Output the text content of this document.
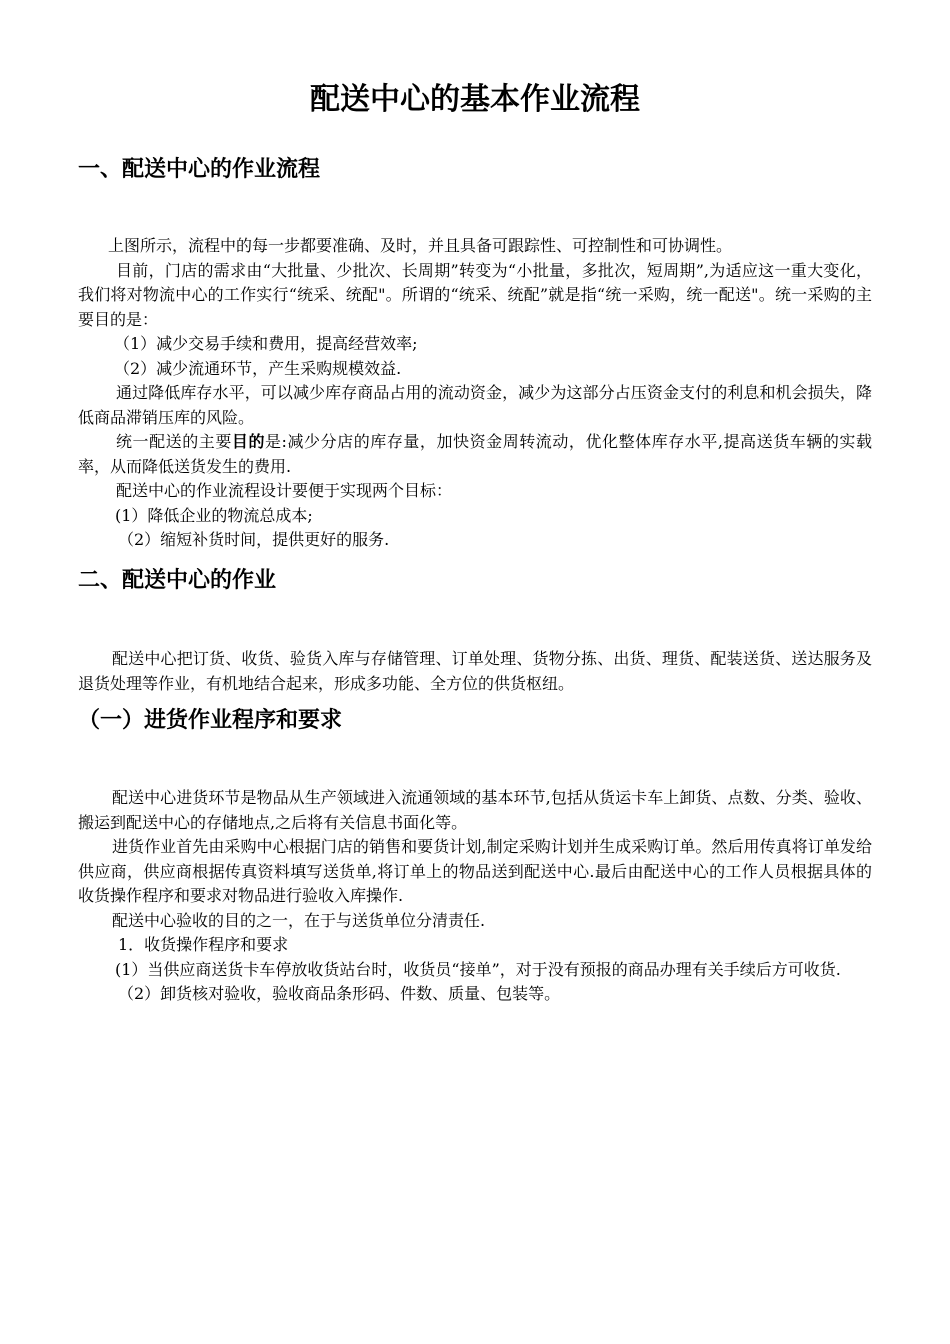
配送中心的基本作业流程
一、配送中心的作业流程

上图所示，流程中的每一步都要准确、及时，并且具备可跟踪性、可控制性和可协调性。

目前，门店的需求由“大批量、少批次、长周期”转变为“小批量，多批次，短周期”,为适应这一重大变化，我们将对物流中心的工作实行“统采、统配"。所谓的“统采、统配”就是指“统一采购，统一配送"。统一采购的主要目的是：

（1）减少交易手续和费用，提高经营效率;

（2）减少流通环节，产生采购规模效益.

通过降低库存水平，可以减少库存商品占用的流动资金，减少为这部分占压资金支付的利息和机会损失，降低商品滞销压库的风险。

统一配送的主要目的是:减少分店的库存量，加快资金周转流动，优化整体库存水平,提高送货车辆的实载率，从而降低送货发生的费用.

配送中心的作业流程设计要便于实现两个目标：

(1）降低企业的物流总成本;

（2）缩短补货时间，提供更好的服务.

二、配送中心的作业

配送中心把订货、收货、验货入库与存储管理、订单处理、货物分拣、出货、理货、配装送货、送达服务及退货处理等作业，有机地结合起来，形成多功能、全方位的供货枢纽。

（一）进货作业程序和要求

配送中心进货环节是物品从生产领域进入流通领域的基本环节,包括从货运卡车上卸货、点数、分类、验收、搬运到配送中心的存储地点,之后将有关信息书面化等。

进货作业首先由采购中心根据门店的销售和要货计划,制定采购计划并生成采购订单。然后用传真将订单发给供应商，供应商根据传真资料填写送货单,将订单上的物品送到配送中心.最后由配送中心的工作人员根据具体的收货操作程序和要求对物品进行验收入库操作.

配送中心验收的目的之一，在于与送货单位分清责任.

1．收货操作程序和要求

(1）当供应商送货卡车停放收货站台时，收货员“接单”，对于没有预报的商品办理有关手续后方可收货.

（2）卸货核对验收，验收商品条形码、件数、质量、包装等。
